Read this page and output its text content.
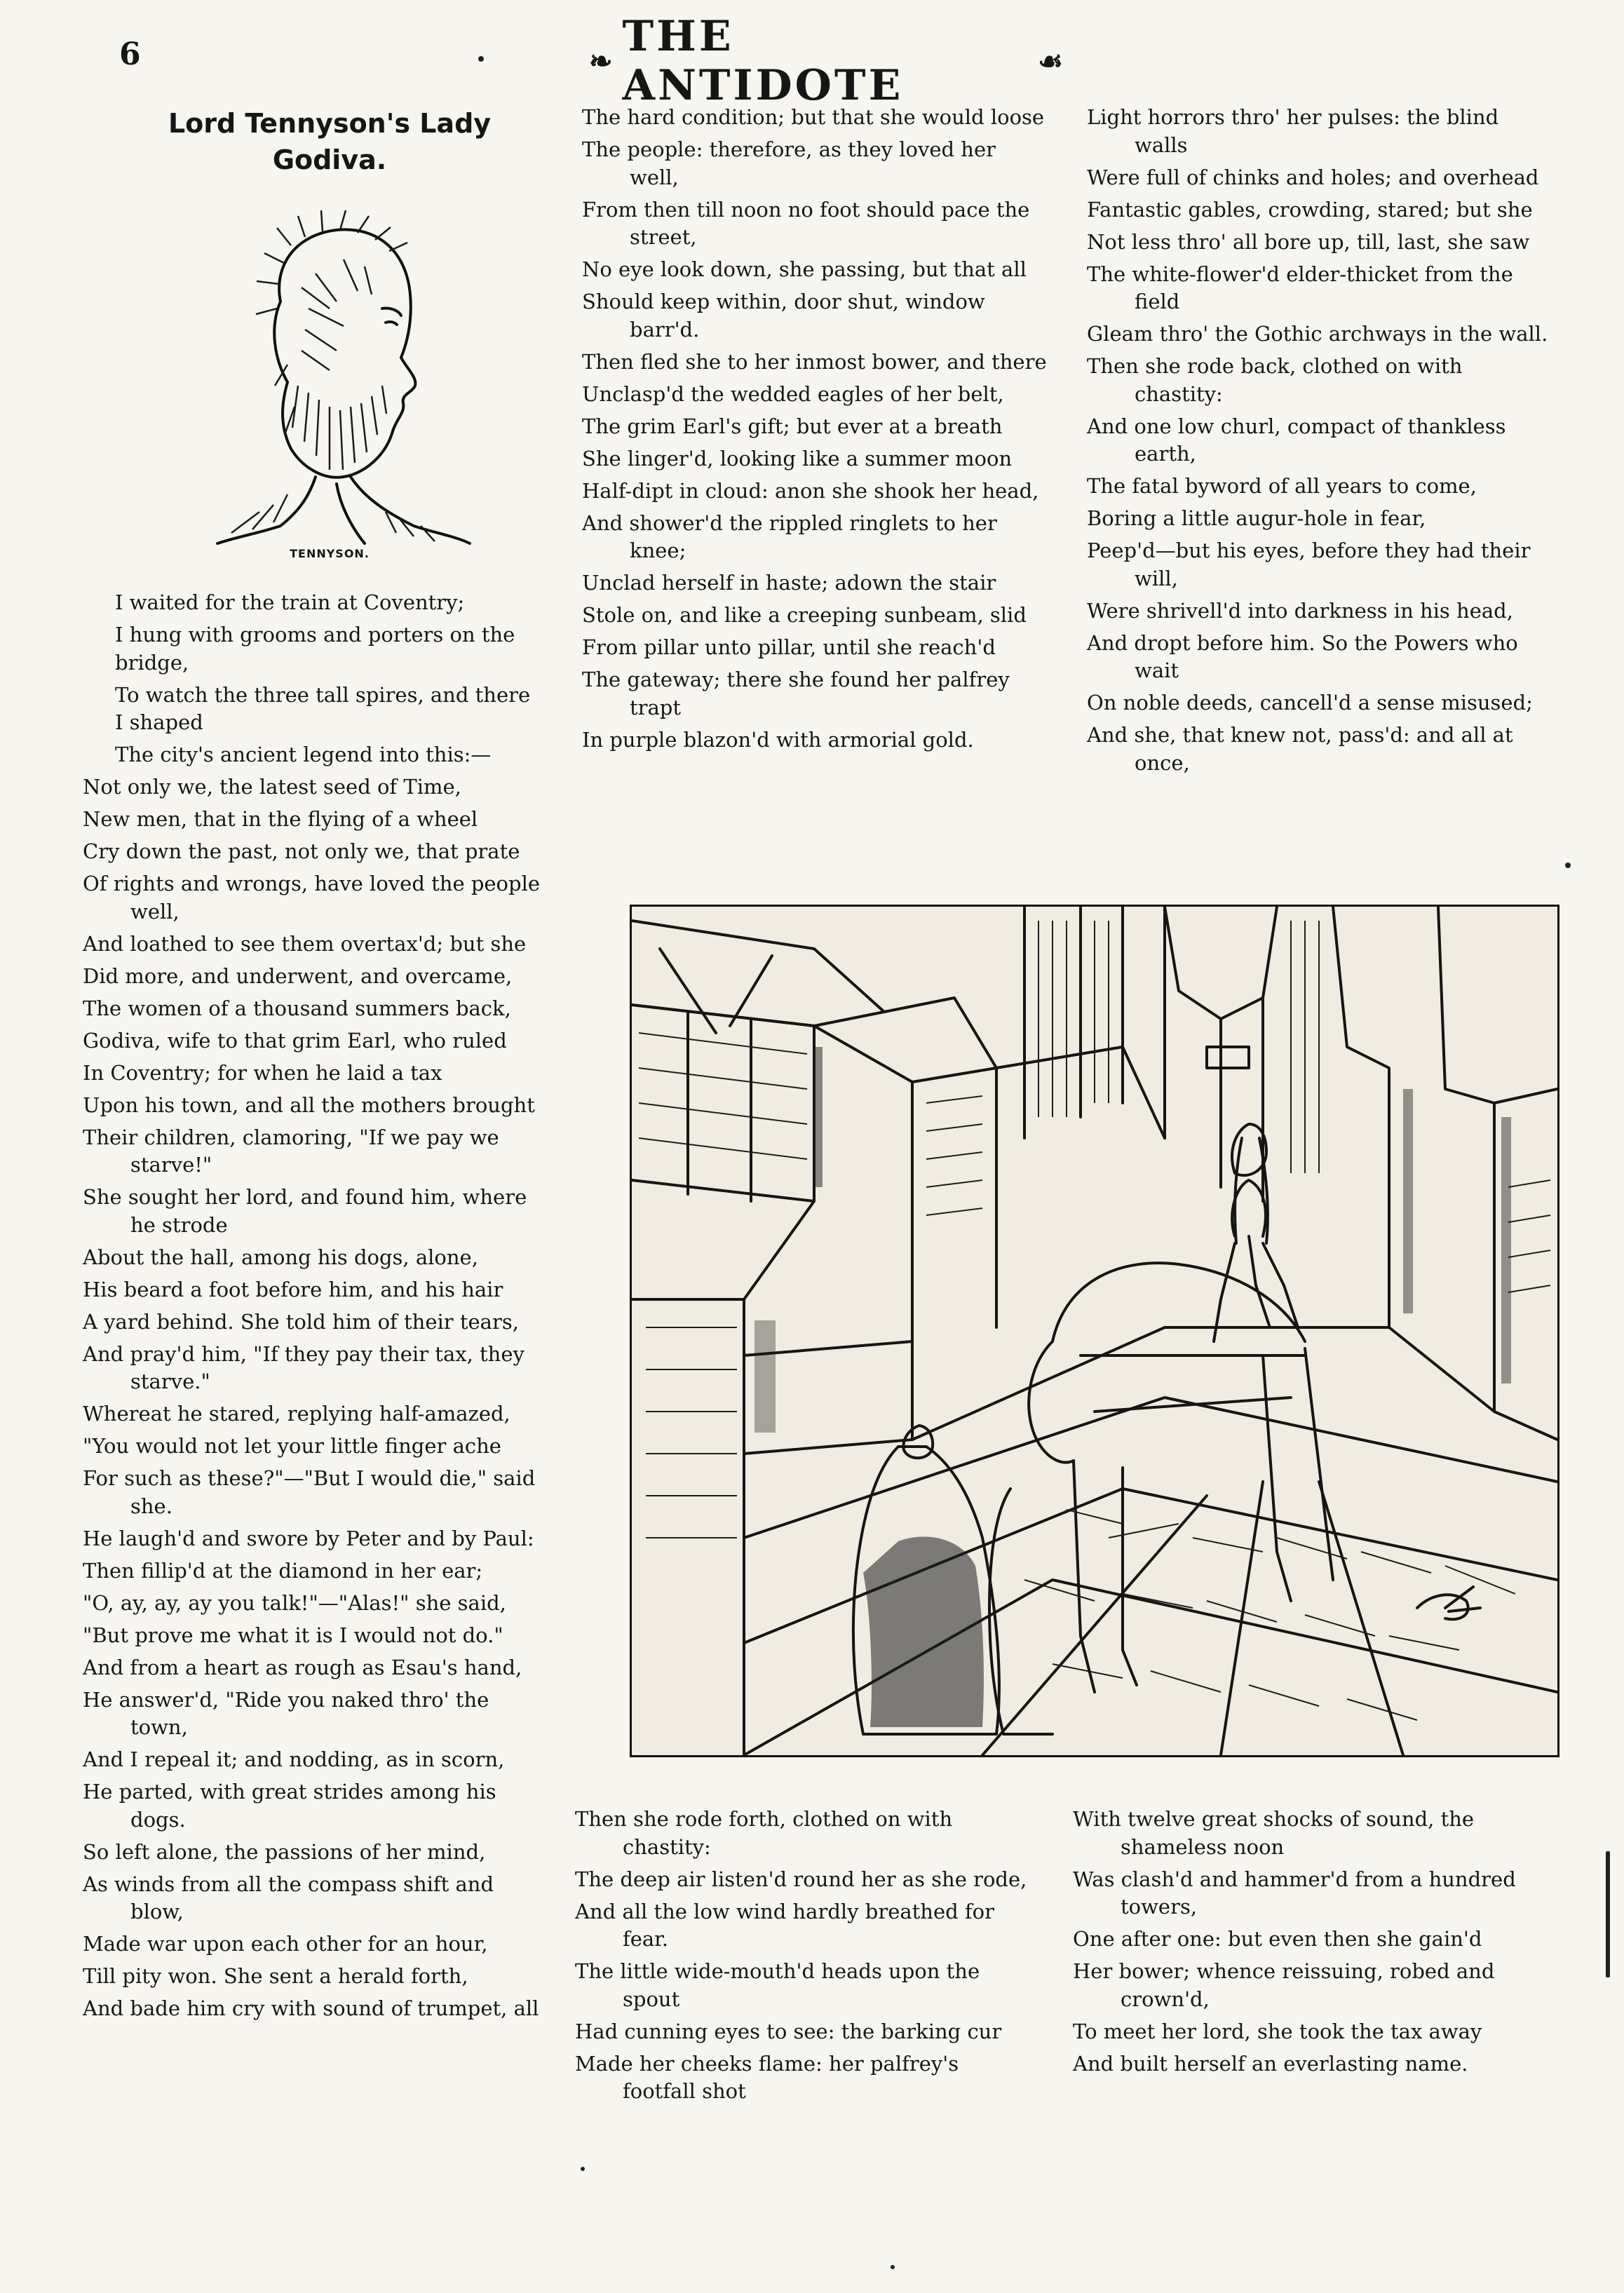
6	❧ THE ANTIDOTE	☙
Lord Tennyson's Lady
Godiva.
TENNYSON.
I waited for the train at Coventry;
I hung with grooms and porters on the bridge,
To watch the three tall spires, and there I shaped
The city's ancient legend into this:—
Not only we, the latest seed of Time,
New men, that in the flying of a wheel
Cry down the past, not only we, that prate
Of rights and wrongs, have loved the people well,
And loathed to see them overtax'd; but she
Did more, and underwent, and overcame,
The women of a thousand summers back,
Godiva, wife to that grim Earl, who ruled
In Coventry; for when he laid a tax
Upon his town, and all the mothers brought
Their children, clamoring, "If we pay we starve!"
She sought her lord, and found him, where he strode
About the hall, among his dogs, alone,
His beard a foot before him, and his hair
A yard behind. She told him of their tears,
And pray'd him, "If they pay their tax, they starve."
Whereat he stared, replying half-amazed,
"You would not let your little finger ache
For such as these?"—"But I would die," said she.
He laugh'd and swore by Peter and by Paul:
Then fillip'd at the diamond in her ear;
"O, ay, ay, ay you talk!"—"Alas!" she said,
"But prove me what it is I would not do."
And from a heart as rough as Esau's hand,
He answer'd, "Ride you naked thro' the town,
And I repeal it; and nodding, as in scorn,
He parted, with great strides among his dogs.
So left alone, the passions of her mind,
As winds from all the compass shift and blow,
Made war upon each other for an hour,
Till pity won. She sent a herald forth,
And bade him cry with sound of trumpet, all
The hard condition; but that she would loose
The people: therefore, as they loved her well,
From then till noon no foot should pace the street,
No eye look down, she passing, but that all
Should keep within, door shut, window barr'd.
Then fled she to her inmost bower, and there
Unclasp'd the wedded eagles of her belt,
The grim Earl's gift; but ever at a breath
She linger'd, looking like a summer moon
Half-dipt in cloud: anon she shook her head,
And shower'd the rippled ringlets to her knee;
Unclad herself in haste; adown the stair
Stole on, and like a creeping sunbeam, slid
From pillar unto pillar, until she reach'd
The gateway; there she found her palfrey trapt
In purple blazon'd with armorial gold.
Light horrors thro' her pulses: the blind walls
Were full of chinks and holes; and overhead
Fantastic gables, crowding, stared; but she
Not less thro' all bore up, till, last, she saw
The white-flower'd elder-thicket from the field
Gleam thro' the Gothic archways in the wall.
Then she rode back, clothed on with chastity:
And one low churl, compact of thankless earth,
The fatal byword of all years to come,
Boring a little augur-hole in fear,
Peep'd—but his eyes, before they had their will,
Were shrivell'd into darkness in his head,
And dropt before him. So the Powers who wait
On noble deeds, cancell'd a sense misused;
And she, that knew not, pass'd: and all at once,
Then she rode forth, clothed on with chastity:
The deep air listen'd round her as she rode,
And all the low wind hardly breathed for fear.
The little wide-mouth'd heads upon the spout
Had cunning eyes to see: the barking cur
Made her cheeks flame: her palfrey's footfall shot
With twelve great shocks of sound, the shameless noon
Was clash'd and hammer'd from a hundred towers,
One after one: but even then she gain'd
Her bower; whence reissuing, robed and crown'd,
To meet her lord, she took the tax away
And built herself an everlasting name.
